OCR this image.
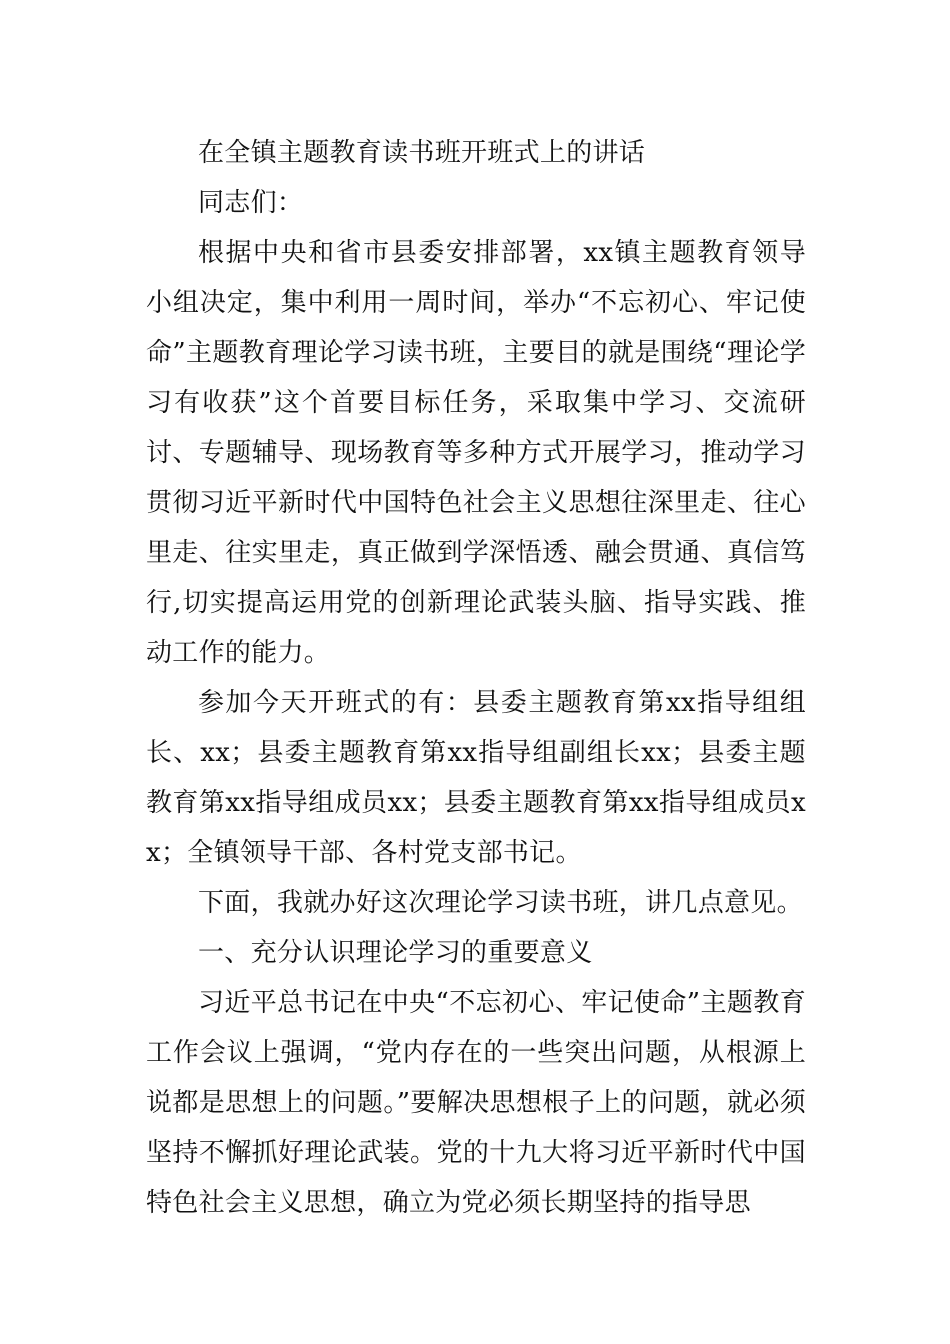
在全镇主题教育读书班开班式上的讲话

同志们：

根据中央和省市县委安排部署，xx镇主题教育领导小组决定，集中利用一周时间，举办“不忘初心、牢记使命”主题教育理论学习读书班，主要目的就是围绕“理论学习有收获”这个首要目标任务，采取集中学习、交流研讨、专题辅导、现场教育等多种方式开展学习，推动学习贯彻习近平新时代中国特色社会主义思想往深里走、往心里走、往实里走，真正做到学深悟透、融会贯通、真信笃行,切实提高运用党的创新理论武装头脑、指导实践、推动工作的能力。

参加今天开班式的有：县委主题教育第xx指导组组长、xx；县委主题教育第xx指导组副组长xx；县委主题教育第xx指导组成员xx；县委主题教育第xx指导组成员xx；全镇领导干部、各村党支部书记。

下面，我就办好这次理论学习读书班，讲几点意见。

一、充分认识理论学习的重要意义

习近平总书记在中央“不忘初心、牢记使命”主题教育工作会议上强调，“党内存在的一些突出问题，从根源上说都是思想上的问题。”要解决思想根子上的问题，就必须坚持不懈抓好理论武装。党的十九大将习近平新时代中国特色社会主义思想，确立为党必须长期坚持的指导思
